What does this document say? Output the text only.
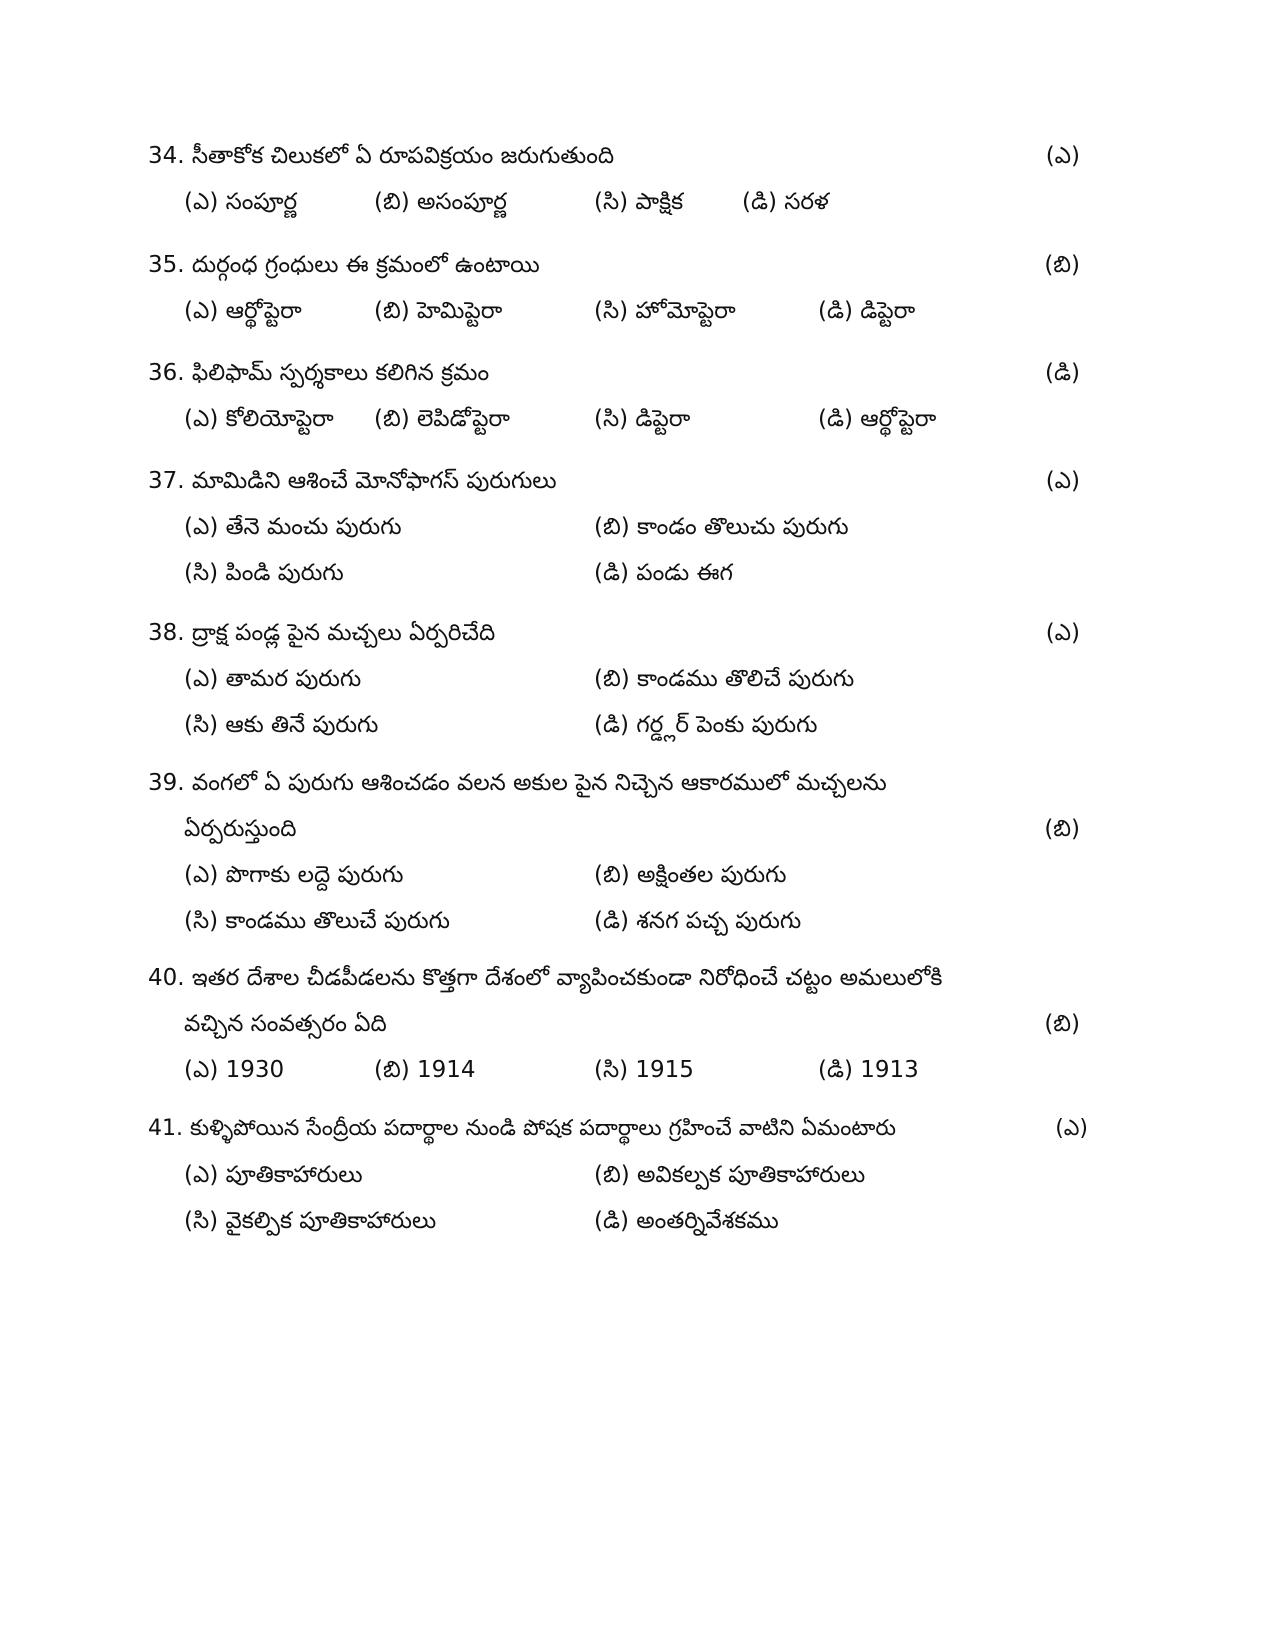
34. సీతాకోక చిలుకలో ఏ రూపవిక్రయం జరుగుతుంది	(ఎ)
(ఎ) సంపూర్ణ	(బి) అసంపూర్ణ	(సి) పాక్షిక	(డి) సరళ
35. దుర్గంధ గ్రంధులు ఈ క్రమంలో ఉంటాయి	(బి)
(ఎ) ఆర్థోప్టెరా	(బి) హెమిప్టెరా	(సి) హోమోప్టెరా	(డి) డిప్టెరా
36. ఫిలిఫామ్ స్పర్శకాలు కలిగిన క్రమం	(డి)
(ఎ) కోలియోప్టెరా (బి) లెపిడోప్టెరా	(సి) డిప్టెరా	(డి) ఆర్థోప్టెరా
37. మామిడిని ఆశించే మోనోఫాగస్ పురుగులు	(ఎ)
(ఎ) తేనె మంచు పురుగు	(బి) కాండం తొలుచు పురుగు
(సి) పిండి పురుగు	(డి) పండు ఈగ
38. ద్రాక్ష పండ్ల పైన మచ్చలు ఏర్పరిచేది	(ఎ)
(ఎ) తామర పురుగు	(బి) కాండము తొలిచే పురుగు
(సి) ఆకు తినే పురుగు	(డి) గర్డ్లర్ పెంకు పురుగు
39. వంగలో ఏ పురుగు ఆశించడం వలన అకుల పైన నిచ్చెన ఆకారములో మచ్చలను
ఏర్పరుస్తుంది	(బి)
(ఎ) పొగాకు లద్దె పురుగు	(బి) అక్షింతల పురుగు
(సి) కాండము తొలుచే పురుగు	(డి) శనగ పచ్చ పురుగు
40. ఇతర దేశాల చీడపీడలను కొత్తగా దేశంలో వ్యాపించకుండా నిరోధించే చట్టం అమలులోకి
వచ్చిన సంవత్సరం ఏది	(బి)
(ఎ) 1930	(బి) 1914	(సి) 1915	(డి) 1913
41. కుళ్ళిపోయిన సేంద్రీయ పదార్థాల నుండి పోషక పదార్థాలు గ్రహించే వాటిని ఏమంటారు	(ఎ)
(ఎ) పూతికాహారులు	(బి) అవికల్పక పూతికాహారులు
(సి) వైకల్పిక పూతికాహారులు	(డి) అంతర్నివేశకము
